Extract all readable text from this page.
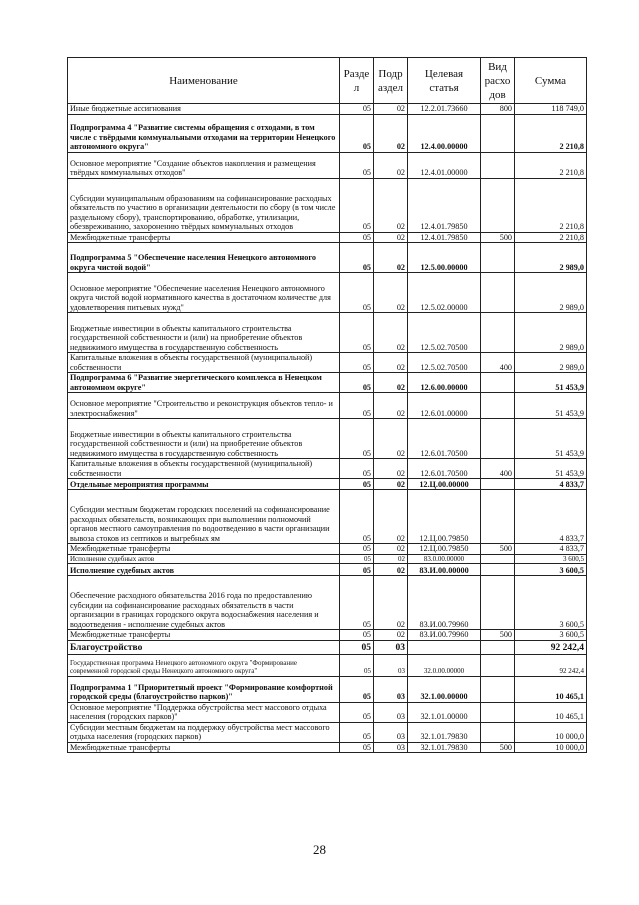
Наименование	Разде л	Подр аздел	Целевая статья	Вид расхо дов	Сумма
Иные бюджетные ассигнования	05	02	12.2.01.73660	800	118 749,0
Подпрограмма 4 "Развитие системы обращения с отходами, в том числе с твёрдыми коммунальными отходами на территории Ненецкого автономного округа"	05	02	12.4.00.00000		2 210,8
Основное мероприятие "Создание объектов накопления и размещения твёрдых коммунальных отходов"	05	02	12.4.01.00000		2 210,8
Субсидии муниципальным образованиям на софинансирование расходных обязательств по участию в организации деятельности по сбору (в том числе раздельному сбору), транспортированию, обработке, утилизации, обезвреживанию, захоронению твёрдых коммунальных отходов	05	02	12.4.01.79850		2 210,8
Межбюджетные трансферты	05	02	12.4.01.79850	500	2 210,8
Подпрограмма 5 "Обеспечение населения Ненецкого автономного округа чистой водой"	05	02	12.5.00.00000		2 989,0
Основное мероприятие "Обеспечение населения Ненецкого автономного округа чистой водой нормативного качества в достаточном количестве для удовлетворения питьевых нужд"	05	02	12.5.02.00000		2 989,0
Бюджетные инвестиции в объекты капитального строительства государственной собственности и (или) на приобретение объектов недвижимого имущества в государственную собственность	05	02	12.5.02.70500		2 989,0
Капитальные вложения в объекты государственной (муниципальной) собственности	05	02	12.5.02.70500	400	2 989,0
Подпрограмма 6 "Развитие энергетического комплекса в Ненецком автономном округе"	05	02	12.6.00.00000		51 453,9
Основное мероприятие "Строительство и реконструкция объектов тепло- и электроснабжения"	05	02	12.6.01.00000		51 453,9
Бюджетные инвестиции в объекты капитального строительства государственной собственности и (или) на приобретение объектов недвижимого имущества в государственную собственность	05	02	12.6.01.70500		51 453,9
Капитальные вложения в объекты государственной (муниципальной) собственности	05	02	12.6.01.70500	400	51 453,9
Отдельные мероприятия программы	05	02	12.Ц.00.00000		4 833,7
Субсидии местным бюджетам городских поселений на софинансирование расходных обязательств, возникающих при выполнении полномочий органов местного самоуправления по водоотведению в части организации вывоза стоков из септиков и выгребных ям	05	02	12.Ц.00.79850		4 833,7
Межбюджетные трансферты	05	02	12.Ц.00.79850	500	4 833,7
Исполнение судебных актов	05	02	83.0.00.00000		3 600,5
Исполнение судебных актов	05	02	83.И.00.00000		3 600,5
Обеспечение расходного обязательства 2016 года по предоставлению субсидии на софинансирование расходных обязательств в части организации в границах городского округа водоснабжения населения и водоотведения - исполнение судебных актов	05	02	83.И.00.79960		3 600,5
Межбюджетные трансферты	05	02	83.И.00.79960	500	3 600,5
Благоустройство	05	03			92 242,4
Государственная программа Ненецкого автономного округа "Формирование современной городской среды Ненецкого автономного округа"	05	03	32.0.00.00000		92 242,4
Подпрограмма 1 "Приоритетный проект "Формирование комфортной городской среды (благоустройство парков)"	05	03	32.1.00.00000		10 465,1
Основное мероприятие "Поддержка обустройства мест массового отдыха населения (городских парков)"	05	03	32.1.01.00000		10 465,1
Субсидии местным бюджетам на поддержку обустройства мест массового отдыха населения (городских парков)	05	03	32.1.01.79830		10 000,0
Межбюджетные трансферты	05	03	32.1.01.79830	500	10 000,0
28
